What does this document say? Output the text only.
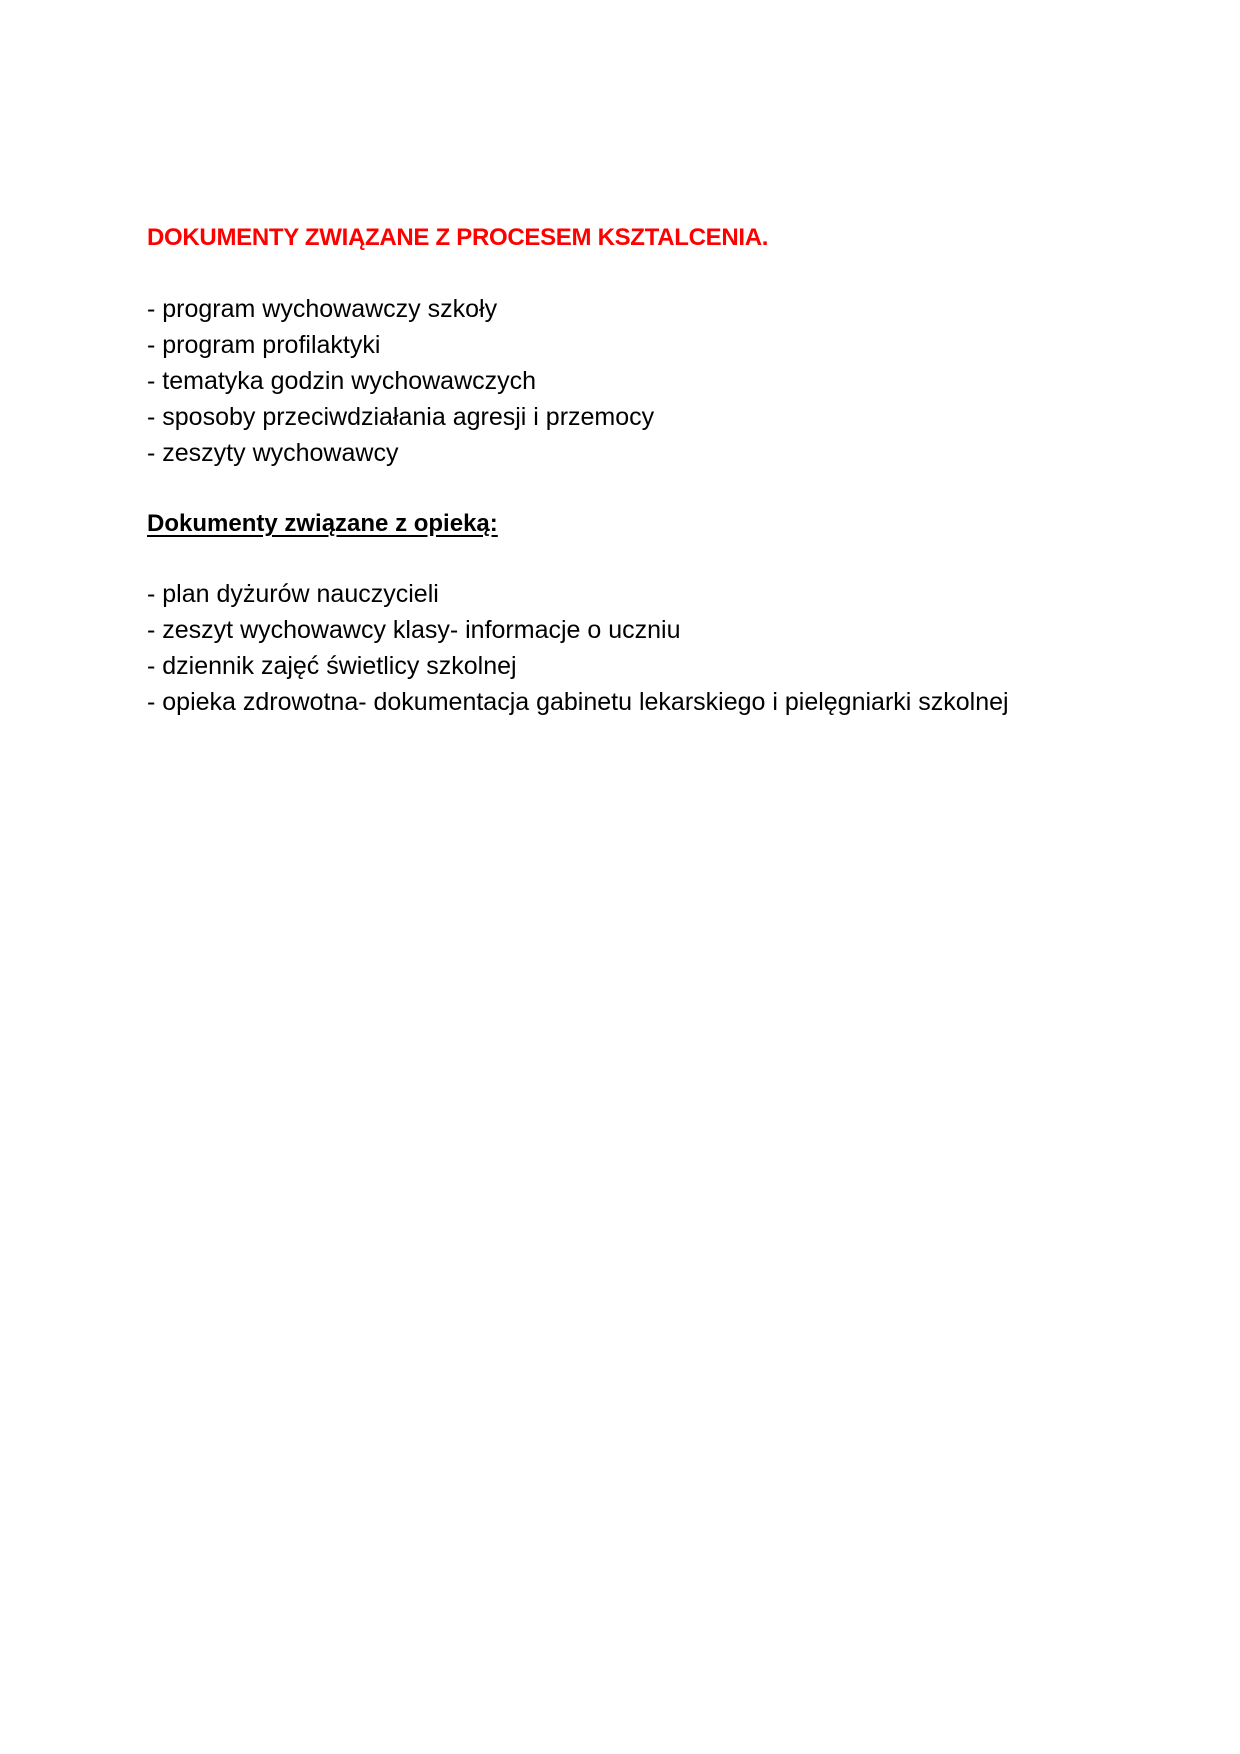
DOKUMENTY ZWIĄZANE Z PROCESEM KSZTALCENIA.
- program wychowawczy szkoły
- program profilaktyki
- tematyka godzin wychowawczych
- sposoby przeciwdziałania agresji i przemocy
- zeszyty wychowawcy
Dokumenty związane z opieką:
- plan dyżurów nauczycieli
- zeszyt wychowawcy klasy- informacje o uczniu
- dziennik zajęć świetlicy szkolnej
- opieka zdrowotna- dokumentacja gabinetu lekarskiego i pielęgniarki szkolnej
